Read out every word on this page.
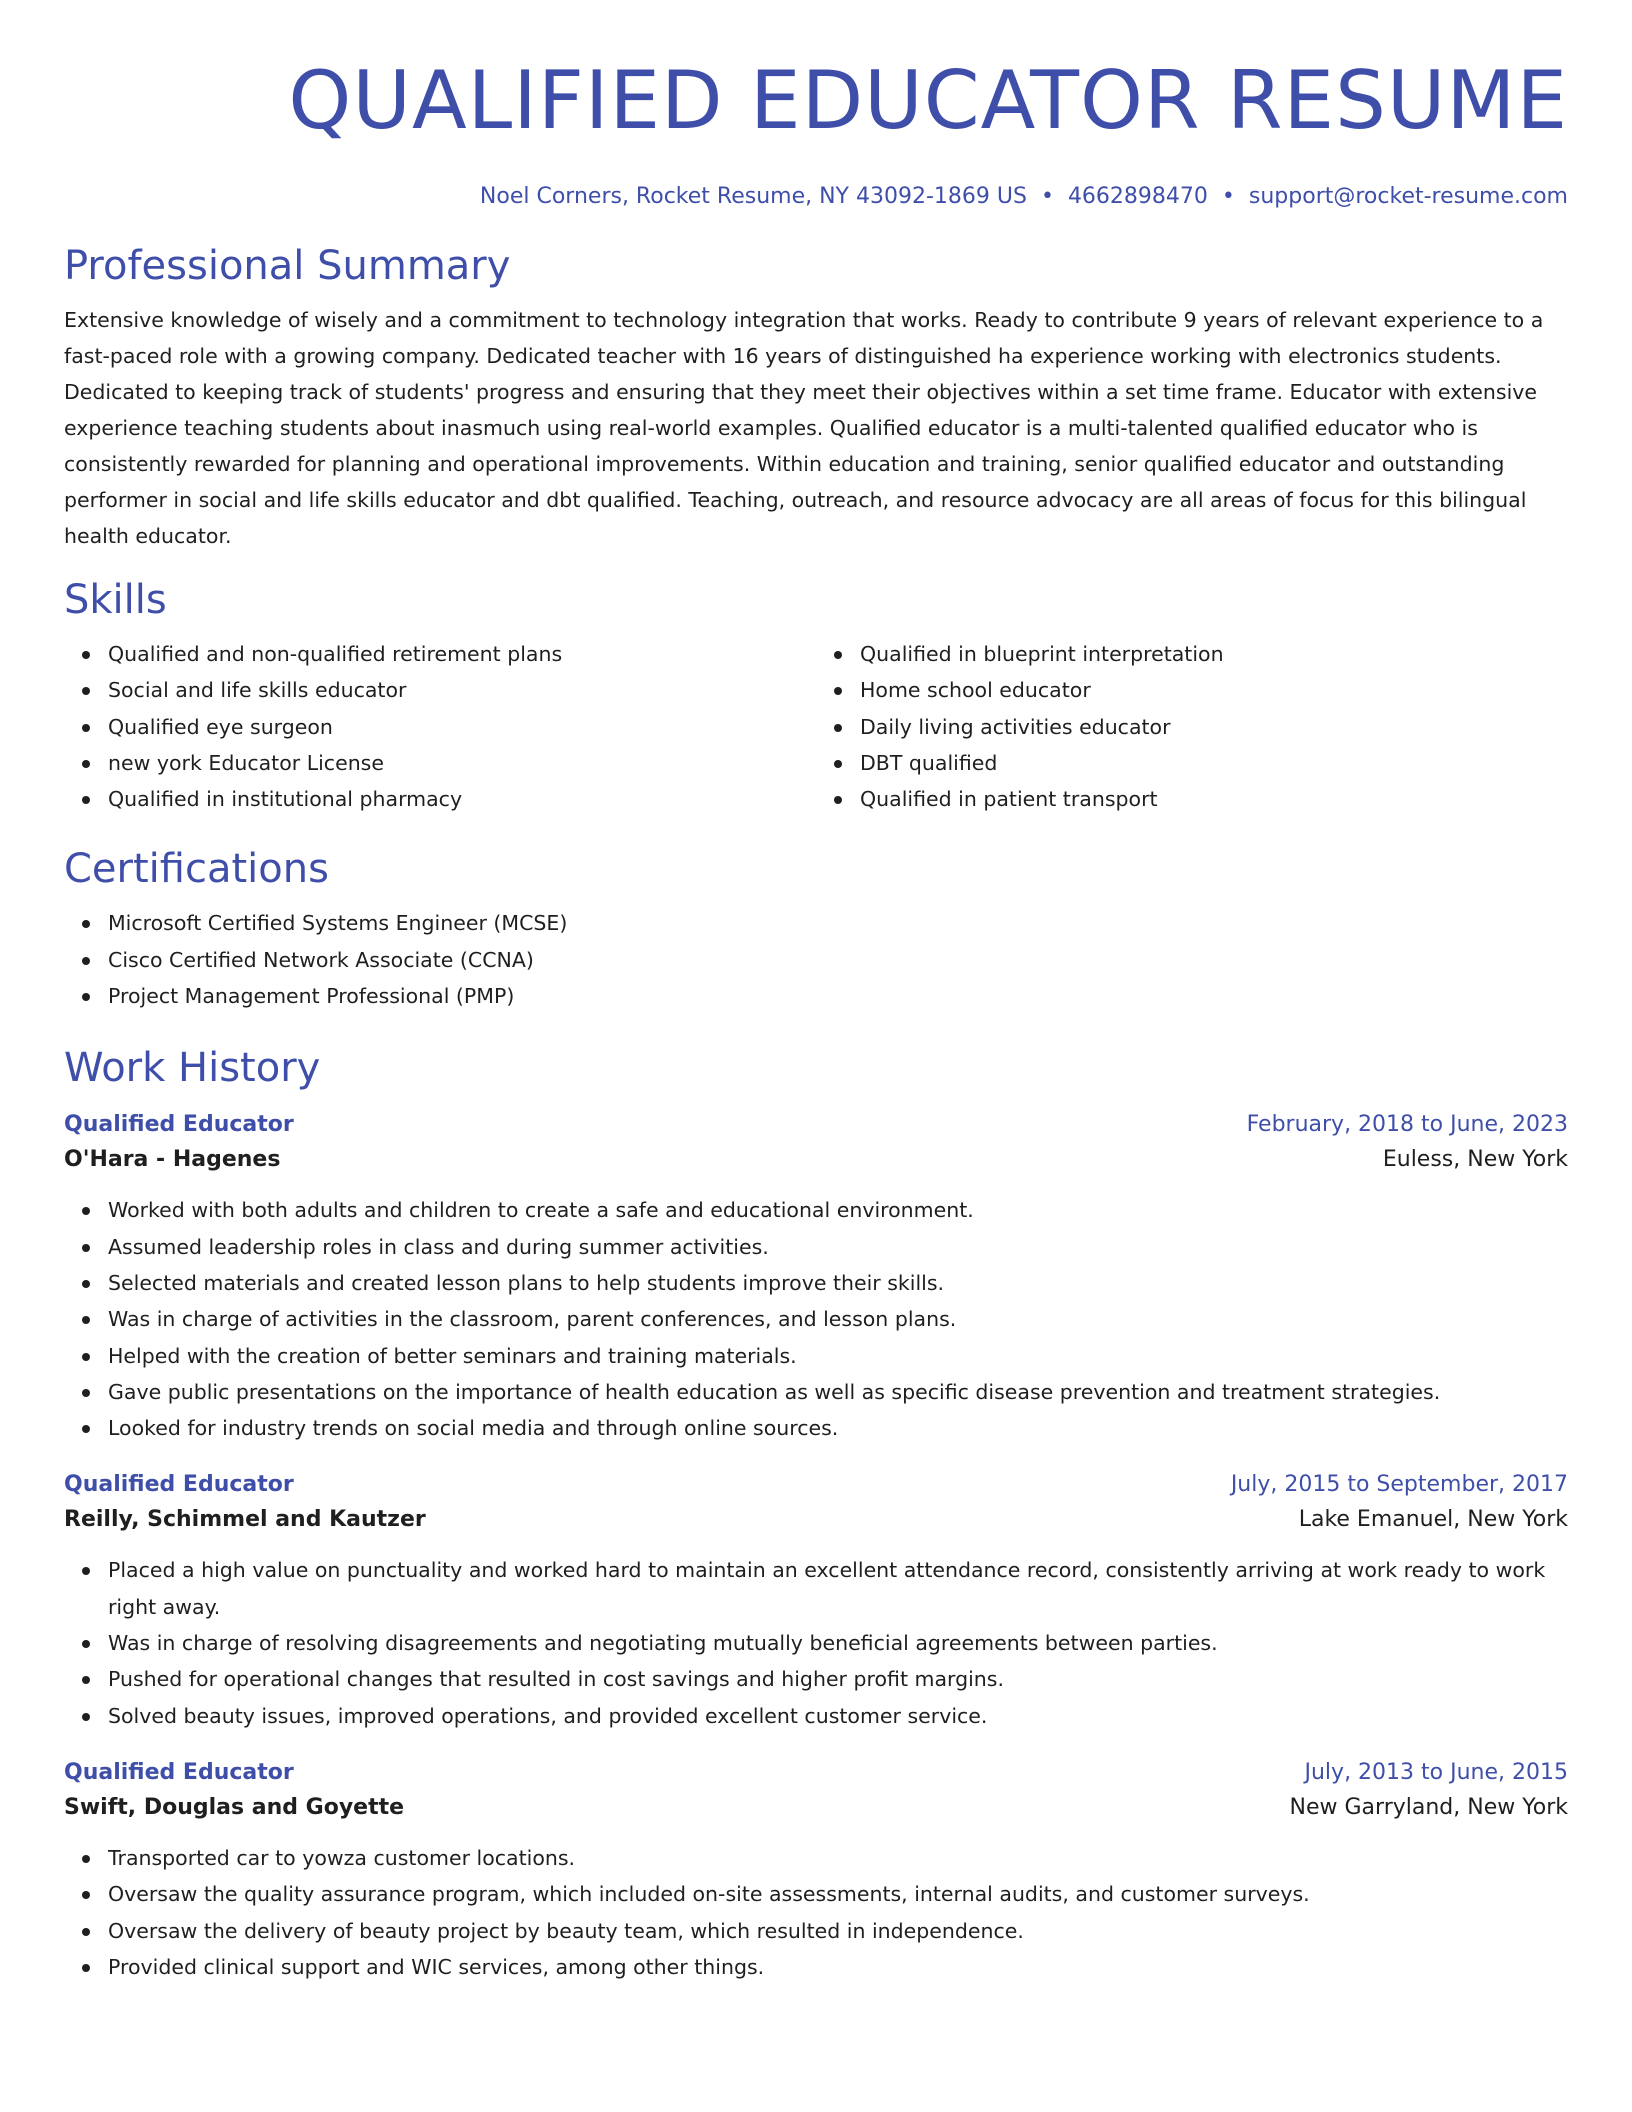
QUALIFIED EDUCATOR RESUME
Noel Corners, Rocket Resume, NY 43092-1869 US • 4662898470 • support@rocket-resume.com
Professional Summary

Extensive knowledge of wisely and a commitment to technology integration that works. Ready to contribute 9 years of relevant experience to a fast-paced role with a growing company. Dedicated teacher with 16 years of distinguished ha experience working with electronics students. Dedicated to keeping track of students' progress and ensuring that they meet their objectives within a set time frame. Educator with extensive experience teaching students about inasmuch using real-world examples. Qualified educator is a multi-talented qualified educator who is consistently rewarded for planning and operational improvements. Within education and training, senior qualified educator and outstanding performer in social and life skills educator and dbt qualified. Teaching, outreach, and resource advocacy are all areas of focus for this bilingual health educator.

Skills
Qualified and non-qualified retirement plans
Social and life skills educator
Qualified eye surgeon
new york Educator License
Qualified in institutional pharmacy
Qualified in blueprint interpretation
Home school educator
Daily living activities educator
DBT qualified
Qualified in patient transport
Certifications
Microsoft Certified Systems Engineer (MCSE)
Cisco Certified Network Associate (CCNA)
Project Management Professional (PMP)
Work History
Qualified Educator	February, 2018 to June, 2023
O'Hara - Hagenes	Euless, New York
Worked with both adults and children to create a safe and educational environment.
Assumed leadership roles in class and during summer activities.
Selected materials and created lesson plans to help students improve their skills.
Was in charge of activities in the classroom, parent conferences, and lesson plans.
Helped with the creation of better seminars and training materials.
Gave public presentations on the importance of health education as well as specific disease prevention and treatment strategies.
Looked for industry trends on social media and through online sources.
Qualified Educator	July, 2015 to September, 2017
Reilly, Schimmel and Kautzer	Lake Emanuel, New York
Placed a high value on punctuality and worked hard to maintain an excellent attendance record, consistently arriving at work ready to work right away.
Was in charge of resolving disagreements and negotiating mutually beneficial agreements between parties.
Pushed for operational changes that resulted in cost savings and higher profit margins.
Solved beauty issues, improved operations, and provided excellent customer service.
Qualified Educator	July, 2013 to June, 2015
Swift, Douglas and Goyette	New Garryland, New York
Transported car to yowza customer locations.
Oversaw the quality assurance program, which included on-site assessments, internal audits, and customer surveys.
Oversaw the delivery of beauty project by beauty team, which resulted in independence.
Provided clinical support and WIC services, among other things.
